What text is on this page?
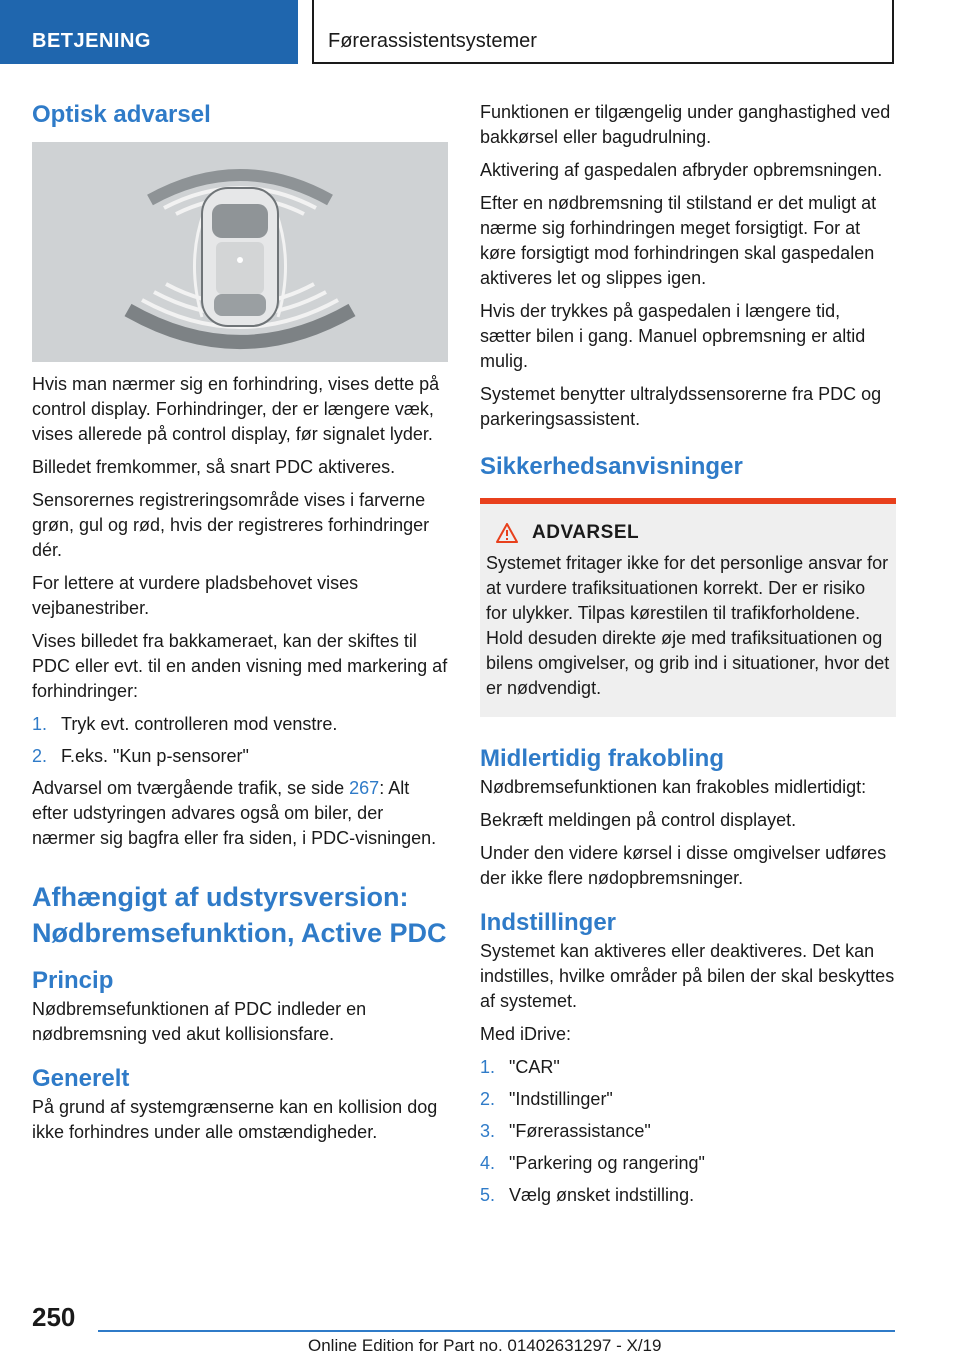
BETJENING	Førerassistentsystemer
Optisk advarsel

Hvis man nærmer sig en forhindring, vises dette på control display. Forhindringer, der er længere væk, vises allerede på control display, før signalet lyder.

Billedet fremkommer, så snart PDC aktiveres.

Sensorernes registreringsområde vises i farverne grøn, gul og rød, hvis der registreres forhindringer dér.

For lettere at vurdere pladsbehovet vises vejbanestriber.

Vises billedet fra bakkameraet, kan der skiftes til PDC eller evt. til en anden visning med markering af forhindringer:

1. Tryk evt. controlleren mod venstre.
2. F.eks. "Kun p-sensorer"

Advarsel om tværgående trafik, se side 267: Alt efter udstyringen advares også om biler, der nærmer sig bagfra eller fra siden, i PDC-visningen.

Afhængigt af udstyrsversion: Nødbremsefunktion, Active PDC
Princip

Nødbremsefunktionen af PDC indleder en nødbremsning ved akut kollisionsfare.

Generelt

På grund af systemgrænserne kan en kollision dog ikke forhindres under alle omstændigheder.

Funktionen er tilgængelig under ganghastighed ved bakkørsel eller bagudrulning.

Aktivering af gaspedalen afbryder opbremsningen.

Efter en nødbremsning til stilstand er det muligt at nærme sig forhindringen meget forsigtigt. For at køre forsigtigt mod forhindringen skal gaspedalen aktiveres let og slippes igen.

Hvis der trykkes på gaspedalen i længere tid, sætter bilen i gang. Manuel opbremsning er altid mulig.

Systemet benytter ultralydssensorerne fra PDC og parkeringsassistent.

Sikkerhedsanvisninger
ADVARSEL

Systemet fritager ikke for det personlige ansvar for at vurdere trafiksituationen korrekt. Der er risiko for ulykker. Tilpas kørestilen til trafikforholdene. Hold desuden direkte øje med trafiksituationen og bilens omgivelser, og grib ind i situationer, hvor det er nødvendigt.

Midlertidig frakobling

Nødbremsefunktionen kan frakobles midlertidigt:

Bekræft meldingen på control displayet.

Under den videre kørsel i disse omgivelser udføres der ikke flere nødopbremsninger.

Indstillinger

Systemet kan aktiveres eller deaktiveres. Det kan indstilles, hvilke områder på bilen der skal beskyttes af systemet.

Med iDrive:

1. "CAR"
2. "Indstillinger"
3. "Førerassistance"
4. "Parkering og rangering"
5. Vælg ønsket indstilling.
250
Online Edition for Part no. 01402631297 - X/19
